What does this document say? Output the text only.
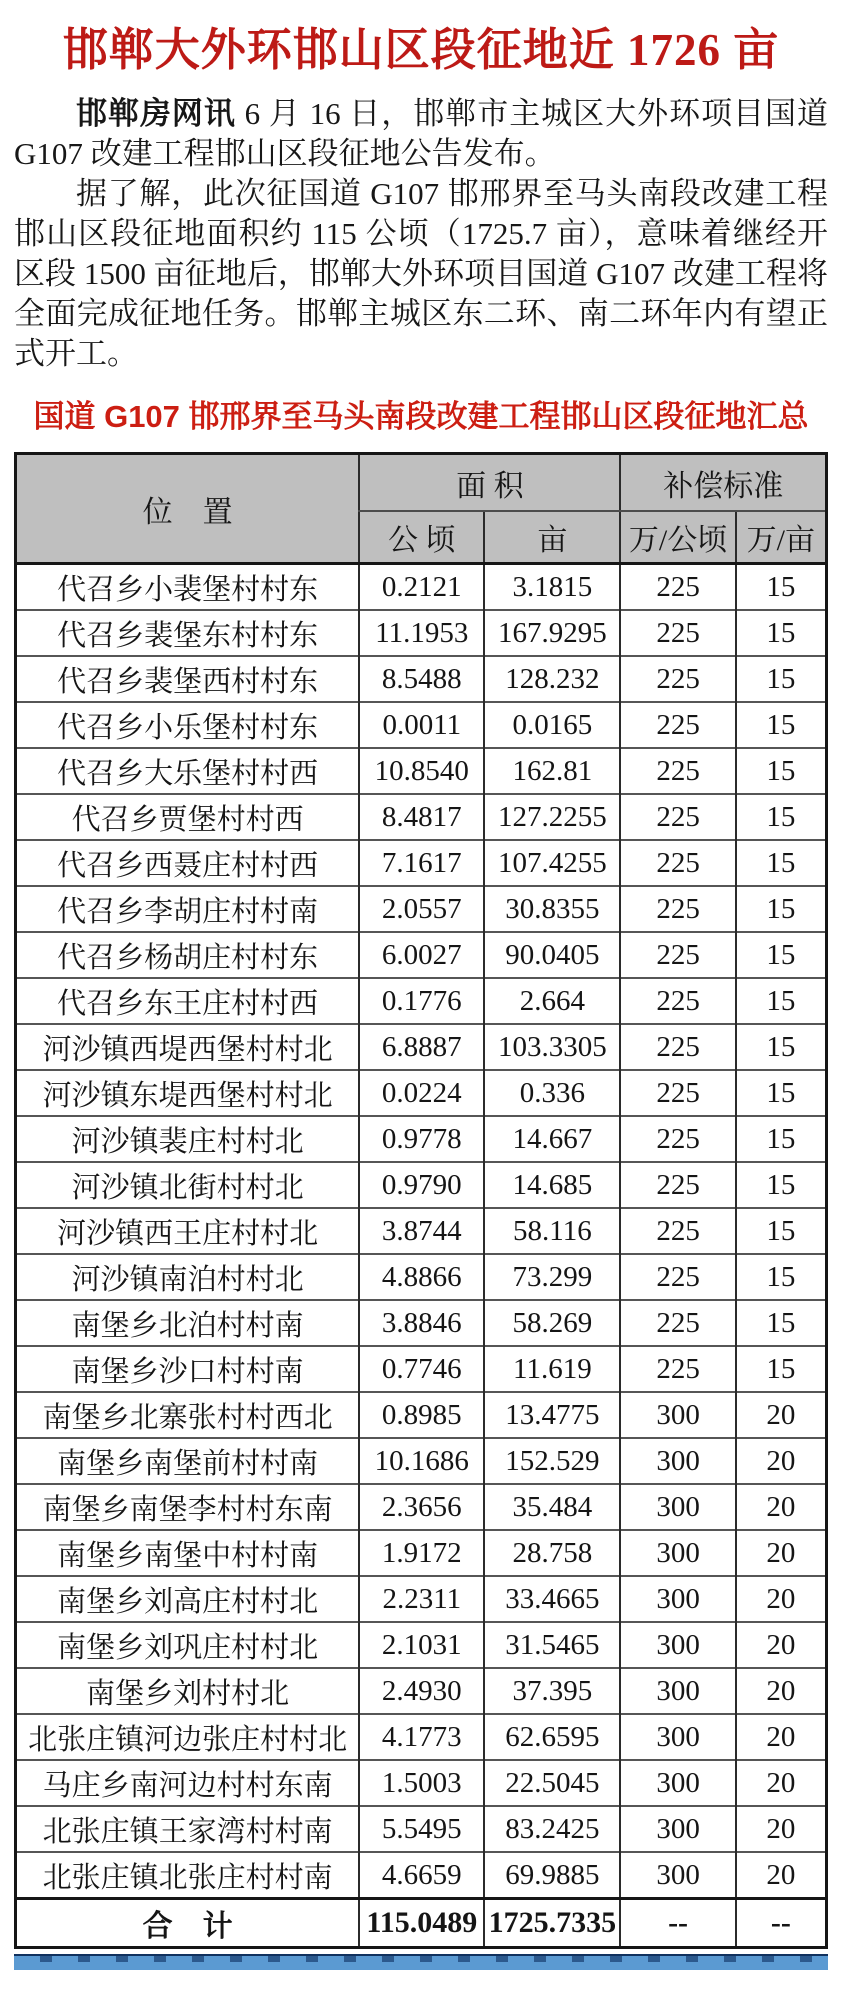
邯郸大外环邯山区段征地近 1726 亩

邯郸房网讯 6 月 16 日，邯郸市主城区大外环项目国道 G107 改建工程邯山区段征地公告发布。

据了解，此次征国道 G107 邯邢界至马头南段改建工程邯山区段征地面积约 115 公顷（1725.7 亩），意味着继经开区段 1500 亩征地后，邯郸大外环项目国道 G107 改建工程将全面完成征地任务。邯郸主城区东二环、南二环年内有望正式开工。

国道 G107 邯邢界至马头南段改建工程邯山区段征地汇总
位　置	面 积		补偿标准	
	公 顷	亩	万/公顷	万/亩
代召乡小裴堡村村东	0.2121	3.1815	225	15
代召乡裴堡东村村东	11.1953	167.9295	225	15
代召乡裴堡西村村东	8.5488	128.232	225	15
代召乡小乐堡村村东	0.0011	0.0165	225	15
代召乡大乐堡村村西	10.8540	162.81	225	15
代召乡贾堡村村西	8.4817	127.2255	225	15
代召乡西聂庄村村西	7.1617	107.4255	225	15
代召乡李胡庄村村南	2.0557	30.8355	225	15
代召乡杨胡庄村村东	6.0027	90.0405	225	15
代召乡东王庄村村西	0.1776	2.664	225	15
河沙镇西堤西堡村村北	6.8887	103.3305	225	15
河沙镇东堤西堡村村北	0.0224	0.336	225	15
河沙镇裴庄村村北	0.9778	14.667	225	15
河沙镇北街村村北	0.9790	14.685	225	15
河沙镇西王庄村村北	3.8744	58.116	225	15
河沙镇南泊村村北	4.8866	73.299	225	15
南堡乡北泊村村南	3.8846	58.269	225	15
南堡乡沙口村村南	0.7746	11.619	225	15
南堡乡北寨张村村西北	0.8985	13.4775	300	20
南堡乡南堡前村村南	10.1686	152.529	300	20
南堡乡南堡李村村东南	2.3656	35.484	300	20
南堡乡南堡中村村南	1.9172	28.758	300	20
南堡乡刘高庄村村北	2.2311	33.4665	300	20
南堡乡刘巩庄村村北	2.1031	31.5465	300	20
南堡乡刘村村北	2.4930	37.395	300	20
北张庄镇河边张庄村村北	4.1773	62.6595	300	20
马庄乡南河边村村东南	1.5003	22.5045	300	20
北张庄镇王家湾村村南	5.5495	83.2425	300	20
北张庄镇北张庄村村南	4.6659	69.9885	300	20
合　计	115.0489	1725.7335	--	--
